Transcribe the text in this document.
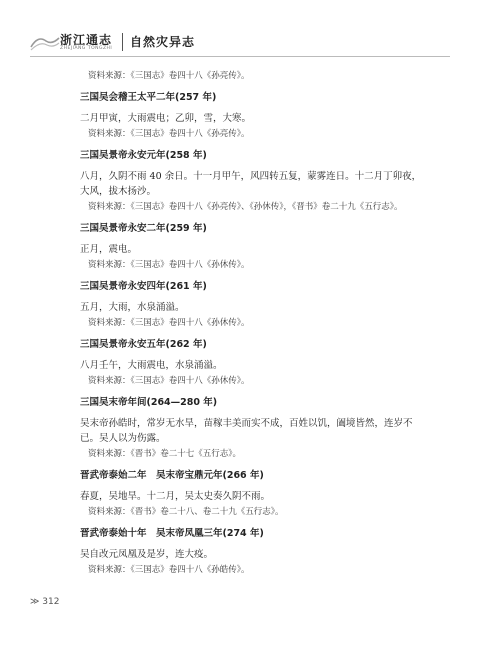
浙江通志
ZHEJIANG TONGZHI 自然灾异志
资料来源：《三国志》卷四十八《孙亮传》。
三国吴会稽王太平二年(257 年)
二月甲寅，大雨震电；乙卯，雪，大寒。
资料来源：《三国志》卷四十八《孙亮传》。
三国吴景帝永安元年(258 年)
八月，久阴不雨 40 余日。十一月甲午，风四转五复，蒙雾连日。十二月丁卯夜，大风，拔木扬沙。
资料来源：《三国志》卷四十八《孙亮传》、《孙休传》，《晋书》卷二十九《五行志》。
三国吴景帝永安二年(259 年)
正月，震电。
资料来源：《三国志》卷四十八《孙休传》。
三国吴景帝永安四年(261 年)
五月，大雨，水泉涌溢。
资料来源：《三国志》卷四十八《孙休传》。
三国吴景帝永安五年(262 年)
八月壬午，大雨震电，水泉涌溢。
资料来源：《三国志》卷四十八《孙休传》。
三国吴末帝年间(264—280 年)
吴末帝孙皓时，常岁无水旱，苗稼丰美而实不成，百姓以饥，阖境皆然，连岁不已。吴人以为伤露。
资料来源：《晋书》卷二十七《五行志》。
晋武帝泰始二年　吴末帝宝鼎元年(266 年)
春夏，吴地旱。十二月，吴太史奏久阴不雨。
资料来源：《晋书》卷二十八、卷二十九《五行志》。
晋武帝泰始十年　吴末帝凤凰三年(274 年)
吴自改元凤凰及是岁，连大疫。
资料来源：《三国志》卷四十八《孙皓传》。
≫ 312
